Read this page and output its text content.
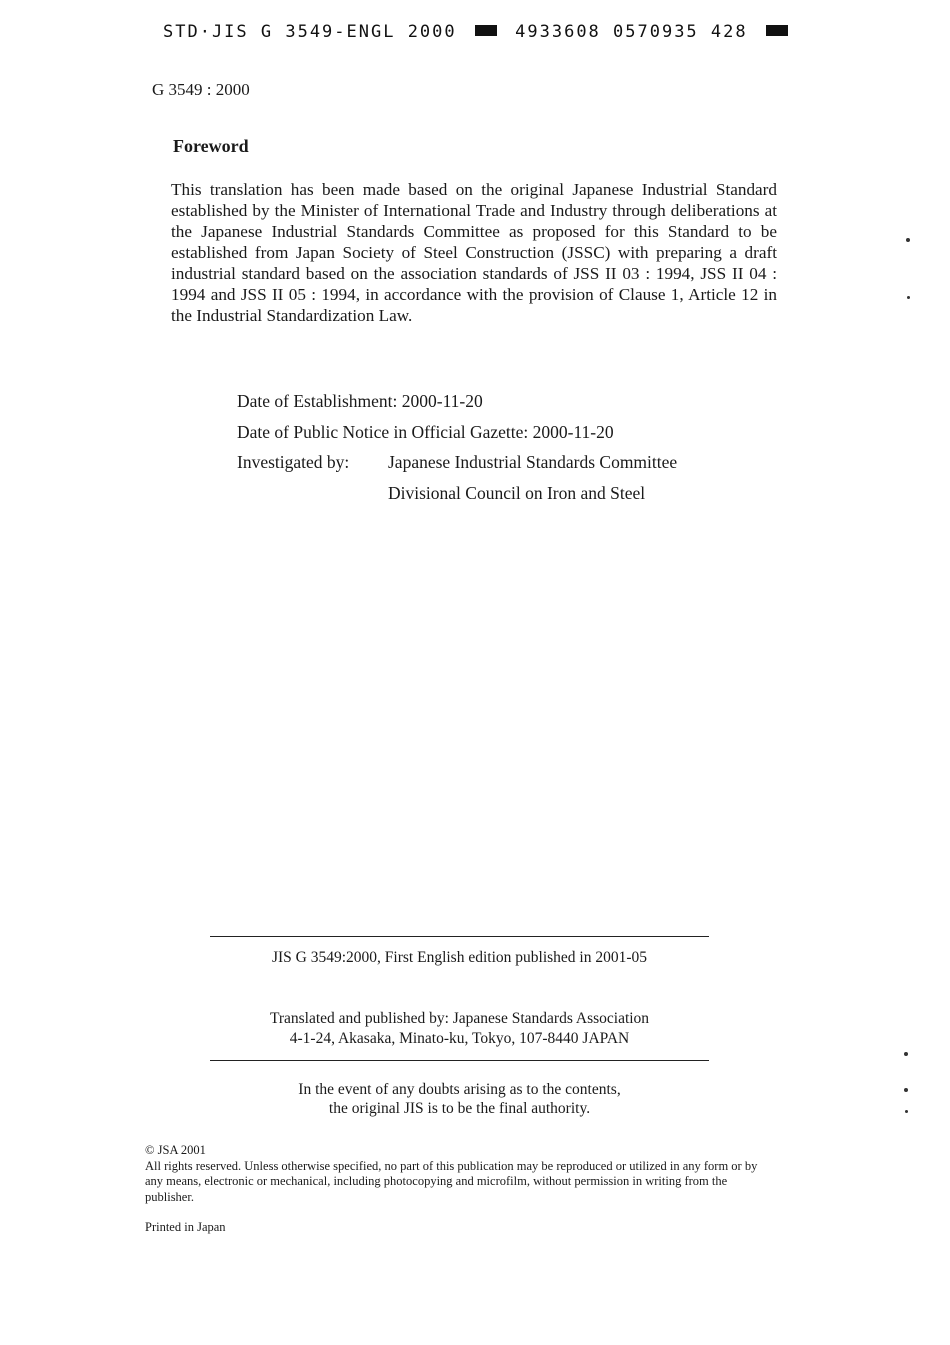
STD·JIS G 3549-ENGL 2000	4933608 0570935 428
G 3549 : 2000
Foreword
This translation has been made based on the original Japanese Industrial Standard established by the Minister of International Trade and Industry through deliberations at the Japanese Industrial Standards Committee as proposed for this Standard to be established from Japan Society of Steel Construction (JSSC) with preparing a draft industrial standard based on the association standards of JSS II 03 : 1994, JSS II 04 : 1994 and JSS II 05 : 1994, in accordance with the provision of Clause 1, Article 12 in the Industrial Standardization Law.
Date of Establishment: 2000-11-20
Date of Public Notice in Official Gazette: 2000-11-20
Investigated by: Japanese Industrial Standards Committee
Divisional Council on Iron and Steel
JIS G 3549:2000, First English edition published in 2001-05
Translated and published by: Japanese Standards Association
4-1-24, Akasaka, Minato-ku, Tokyo, 107-8440 JAPAN
In the event of any doubts arising as to the contents,
the original JIS is to be the final authority.
© JSA 2001
All rights reserved. Unless otherwise specified, no part of this publication may be reproduced or utilized in any form or by any means, electronic or mechanical, including photocopying and microfilm, without permission in writing from the publisher.
Printed in Japan
